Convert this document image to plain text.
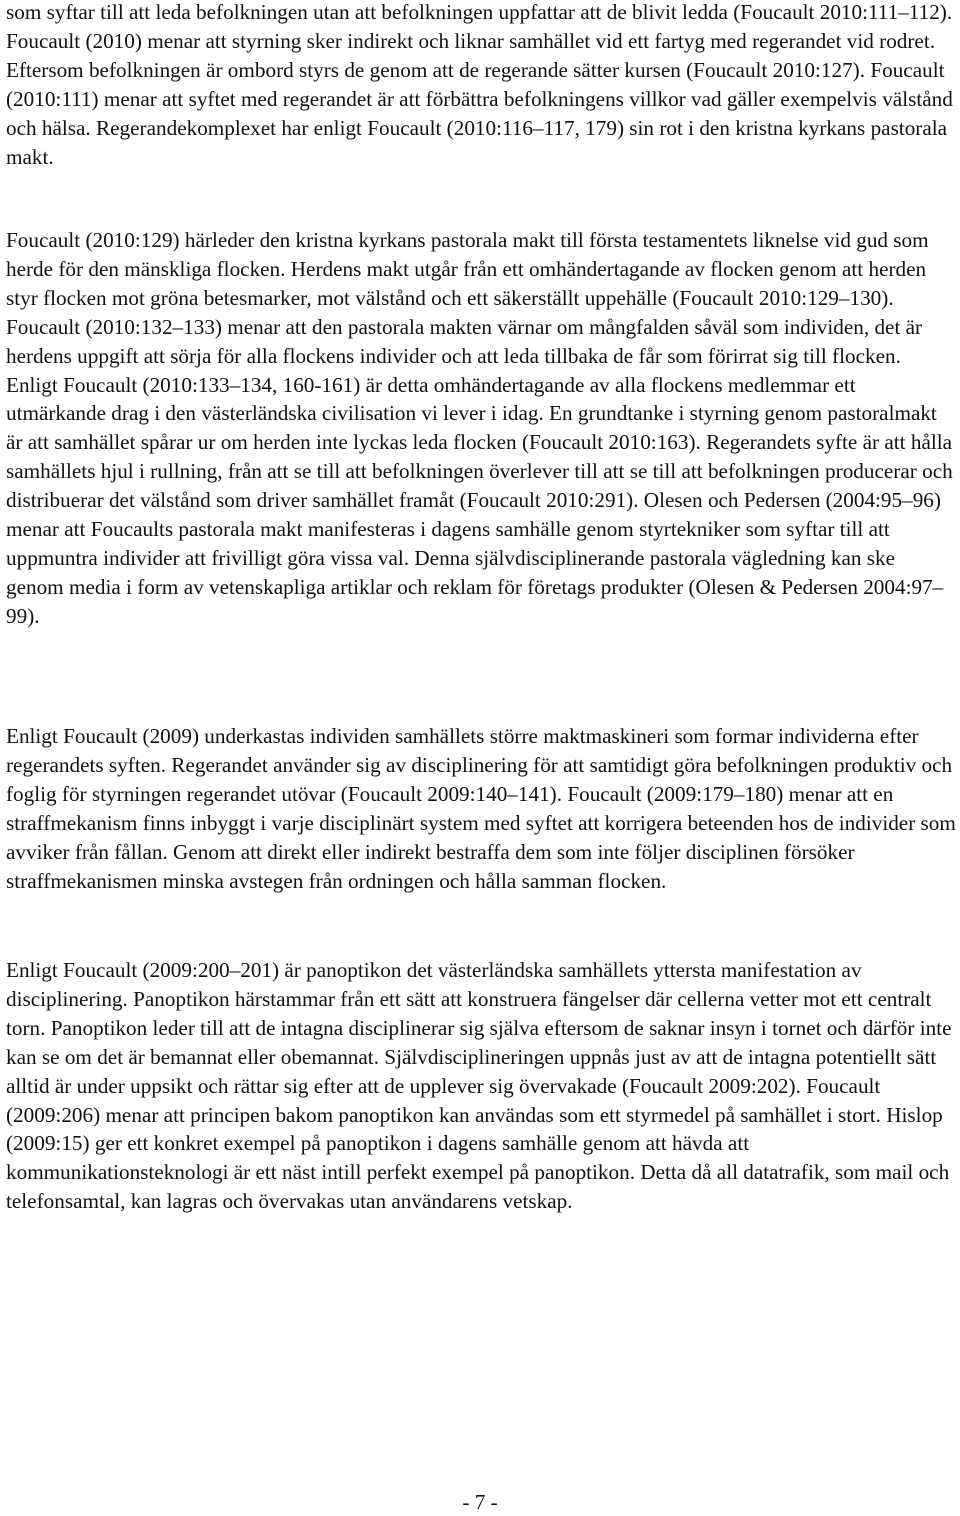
som syftar till att leda befolkningen utan att befolkningen uppfattar att de blivit ledda (Foucault 2010:111–112). Foucault (2010) menar att styrning sker indirekt och liknar samhället vid ett fartyg med regerandet vid rodret. Eftersom befolkningen är ombord styrs de genom att de regerande sätter kursen (Foucault 2010:127). Foucault (2010:111) menar att syftet med regerandet är att förbättra befolkningens villkor vad gäller exempelvis välstånd och hälsa. Regerandekomplexet har enligt Foucault (2010:116–117, 179) sin rot i den kristna kyrkans pastorala makt.

Foucault (2010:129) härleder den kristna kyrkans pastorala makt till första testamentets liknelse vid gud som herde för den mänskliga flocken. Herdens makt utgår från ett omhändertagande av flocken genom att herden styr flocken mot gröna betesmarker, mot välstånd och ett säkerställt uppehälle (Foucault 2010:129–130). Foucault (2010:132–133) menar att den pastorala makten värnar om mångfalden såväl som individen, det är herdens uppgift att sörja för alla flockens individer och att leda tillbaka de får som förirrat sig till flocken. Enligt Foucault (2010:133–134, 160-161) är detta omhändertagande av alla flockens medlemmar ett utmärkande drag i den västerländska civilisation vi lever i idag. En grundtanke i styrning genom pastoralmakt är att samhället spårar ur om herden inte lyckas leda flocken (Foucault 2010:163). Regerandets syfte är att hålla samhällets hjul i rullning, från att se till att befolkningen överlever till att se till att befolkningen producerar och distribuerar det välstånd som driver samhället framåt (Foucault 2010:291). Olesen och Pedersen (2004:95–96) menar att Foucaults pastorala makt manifesteras i dagens samhälle genom styrtekniker som syftar till att uppmuntra individer att frivilligt göra vissa val. Denna självdisciplinerande pastorala vägledning kan ske genom media i form av vetenskapliga artiklar och reklam för företags produkter (Olesen & Pedersen 2004:97–99).

Enligt Foucault (2009) underkastas individen samhällets större maktmaskineri som formar individerna efter regerandets syften. Regerandet använder sig av disciplinering för att samtidigt göra befolkningen produktiv och foglig för styrningen regerandet utövar (Foucault 2009:140–141). Foucault (2009:179–180) menar att en straffmekanism finns inbyggt i varje disciplinärt system med syftet att korrigera beteenden hos de individer som avviker från fållan. Genom att direkt eller indirekt bestraffa dem som inte följer disciplinen försöker straffmekanismen minska avstegen från ordningen och hålla samman flocken.

Enligt Foucault (2009:200–201) är panoptikon det västerländska samhällets yttersta manifestation av disciplinering. Panoptikon härstammar från ett sätt att konstruera fängelser där cellerna vetter mot ett centralt torn. Panoptikon leder till att de intagna disciplinerar sig själva eftersom de saknar insyn i tornet och därför inte kan se om det är bemannat eller obemannat. Självdisciplineringen uppnås just av att de intagna potentiellt sätt alltid är under uppsikt och rättar sig efter att de upplever sig övervakade (Foucault 2009:202). Foucault (2009:206) menar att principen bakom panoptikon kan användas som ett styrmedel på samhället i stort. Hislop (2009:15) ger ett konkret exempel på panoptikon i dagens samhälle genom att hävda att kommunikationsteknologi är ett näst intill perfekt exempel på panoptikon. Detta då all datatrafik, som mail och telefonsamtal, kan lagras och övervakas utan användarens vetskap.

- 7 -
